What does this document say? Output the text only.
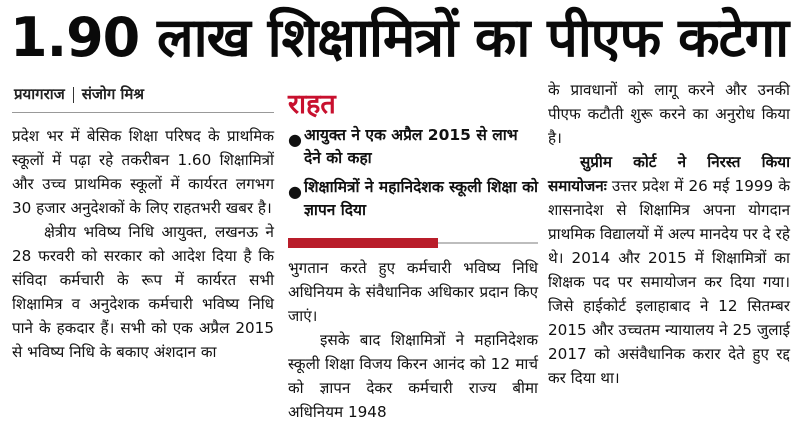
1.90 लाख शिक्षामित्रों का पीएफ कटेगा
प्रयागराज संजोग मिश्र

प्रदेश भर में बेसिक शिक्षा परिषद के प्राथमिक स्कूलों में पढ़ा रहे तकरीबन 1.60 शिक्षामित्रों और उच्च प्राथमिक स्कूलों में कार्यरत लगभग 30 हजार अनुदेशकों के लिए राहतभरी खबर है।

क्षेत्रीय भविष्य निधि आयुक्त, लखनऊ ने 28 फरवरी को सरकार को आदेश दिया है कि संविदा कर्मचारी के रूप में कार्यरत सभी शिक्षामित्र व अनुदेशक कर्मचारी भविष्य निधि पाने के हकदार हैं। सभी को एक अप्रैल 2015 से भविष्य निधि के बकाए अंशदान का

राहत
● आयुक्त ने एक अप्रैल 2015 से लाभ देने को कहा
● शिक्षामित्रों ने महानिदेशक स्कूली शिक्षा को ज्ञापन दिया

भुगतान करते हुए कर्मचारी भविष्य निधि अधिनियम के संवैधानिक अधिकार प्रदान किए जाएं।

इसके बाद शिक्षामित्रों ने महानिदेशक स्कूली शिक्षा विजय किरन आनंद को 12 मार्च को ज्ञापन देकर कर्मचारी राज्य बीमा अधिनियम 1948

के प्रावधानों को लागू करने और उनकी पीएफ कटौती शुरू करने का अनुरोध किया है।

सुप्रीम कोर्ट ने निरस्त किया समायोजनः उत्तर प्रदेश में 26 मई 1999 के शासनादेश से शिक्षामित्र अपना योगदान प्राथमिक विद्यालयों में अल्प मानदेय पर दे रहे थे। 2014 और 2015 में शिक्षामित्रों का शिक्षक पद पर समायोजन कर दिया गया। जिसे हाईकोर्ट इलाहाबाद ने 12 सितम्बर 2015 और उच्चतम न्यायालय ने 25 जुलाई 2017 को असंवैधानिक करार देते हुए रद्द कर दिया था।
